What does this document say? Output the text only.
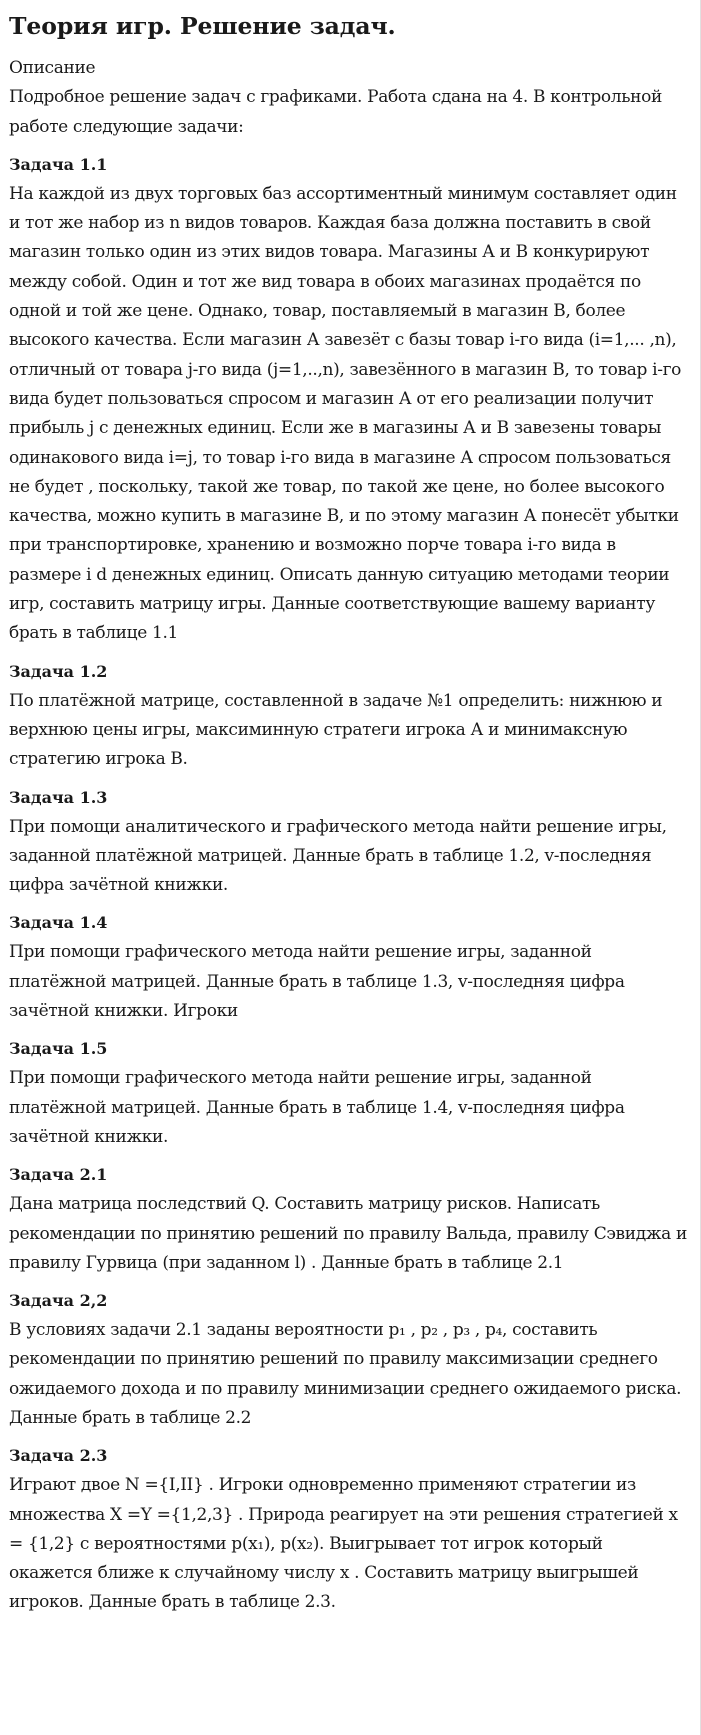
Теория игр. Решение задач.

Описание

Подробное решение задач с графиками. Работа сдана на 4. В контрольной работе следующие задачи:

Задача 1.1

На каждой из двух торговых баз ассортиментный минимум составляет один и тот же набор из n видов товаров. Каждая база должна поставить в свой магазин только один из этих видов товара. Магазины А и В конкурируют между собой. Один и тот же вид товара в обоих магазинах продаётся по одной и той же цене. Однако, товар, поставляемый в магазин В, более высокого качества. Если магазин А завезёт с базы товар i-го вида (i=1,... ,n), отличный от товара j-го вида (j=1,..,n), завезённого в магазин В, то товар i-го вида будет пользоваться спросом и магазин А от его реализации получит прибыль j с денежных единиц. Если же в магазины А и В завезены товары одинакового вида i=j, то товар i-го вида в магазине А спросом пользоваться не будет , поскольку, такой же товар, по такой же цене, но более высокого качества, можно купить в магазине В, и по этому магазин А понесёт убытки при транспортировке, хранению и возможно порче товара i-го вида в размере i d денежных единиц. Описать данную ситуацию методами теории игр, составить матрицу игры. Данные соответствующие вашему варианту брать в таблице 1.1

Задача 1.2

По платёжной матрице, составленной в задаче №1 определить: нижнюю и верхнюю цены игры, максиминную стратеги игрока А и минимаксную стратегию игрока В.

Задача 1.3

При помощи аналитического и графического метода найти решение игры, заданной платёжной матрицей. Данные брать в таблице 1.2, v-последняя цифра зачётной книжки.

Задача 1.4

При помощи графического метода найти решение игры, заданной платёжной матрицей. Данные брать в таблице 1.3, v-последняя цифра зачётной книжки. Игроки

Задача 1.5

При помощи графического метода найти решение игры, заданной платёжной матрицей. Данные брать в таблице 1.4, v-последняя цифра зачётной книжки.

Задача 2.1

Дана матрица последствий Q. Составить матрицу рисков. Написать рекомендации по принятию решений по правилу Вальда, правилу Сэвиджа и правилу Гурвица (при заданном l) . Данные брать в таблице 2.1

Задача 2,2

В условиях задачи 2.1 заданы вероятности p₁ , p₂ , p₃ , p₄, составить рекомендации по принятию решений по правилу максимизации среднего ожидаемого дохода и по правилу минимизации среднего ожидаемого риска. Данные брать в таблице 2.2

Задача 2.3

Играют двое N ={I,II} . Игроки одновременно применяют стратегии из множества X =Y ={1,2,3} . Природа реагирует на эти решения стратегией x = {1,2} с вероятностями p(x₁), p(x₂). Выигрывает тот игрок который окажется ближе к случайному числу x . Составить матрицу выигрышей игроков. Данные брать в таблице 2.3.
